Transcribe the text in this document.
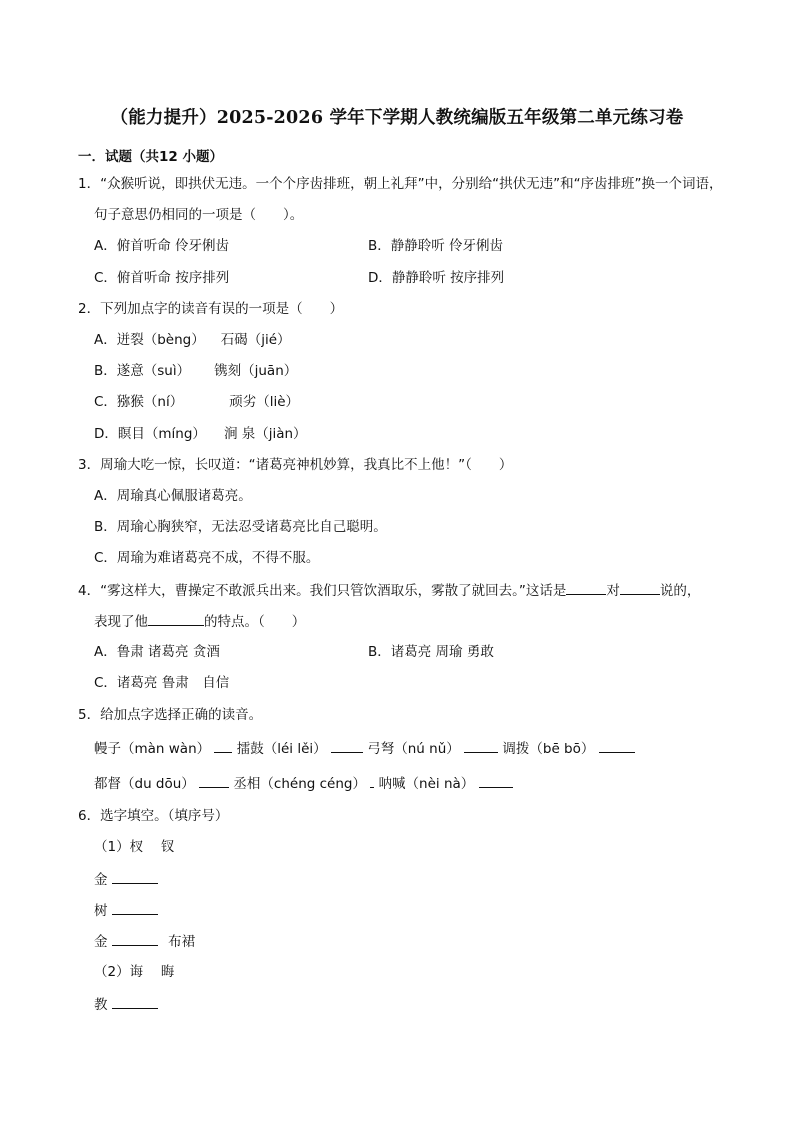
（能力提升）2025-2026 学年下学期人教统编版五年级第二单元练习卷
一．试题（共12 小题）
1．“众猴听说，即拱伏无违。一个个序齿排班，朝上礼拜”中，分别给“拱伏无违”和“序齿排班”换一个词语，
句子意思仍相同的一项是（　　）。
A．俯首听命 伶牙俐齿	B．静静聆听 伶牙俐齿
C．俯首听命 按序排列	D．静静聆听 按序排列
2．下列加点字的读音有误的一项是（　　）
A．迸裂（bèng） 石碣（jié）
B．遂意（suì） 镌刻（juān）
C．猕猴（ní）	顽劣（liè）
D．瞑目（míng） 涧 泉（jiàn）
3．周瑜大吃一惊，长叹道：“诸葛亮神机妙算，我真比不上他！”（　　）
A．周瑜真心佩服诸葛亮。
B．周瑜心胸狭窄，无法忍受诸葛亮比自己聪明。
C．周瑜为难诸葛亮不成，不得不服。
4．“雾这样大，曹操定不敢派兵出来。我们只管饮酒取乐，雾散了就回去。”这话是	对	说的，
表现了他	的特点。（　　）
A．鲁肃 诸葛亮 贪酒	B．诸葛亮 周瑜 勇敢
C．诸葛亮 鲁肃　自信
5．给加点字选择正确的读音。
幔子（màn wàn） 擂鼓（léi lěi）	弓弩（nú nǔ）	调拨（bē bō）
都督（du dōu）	丞相（chéng céng） 呐喊（nèi nà）
6．选字填空。（填序号）
（1）杈　 钗
金
树
金	布裙
（2）诲　 晦
教
